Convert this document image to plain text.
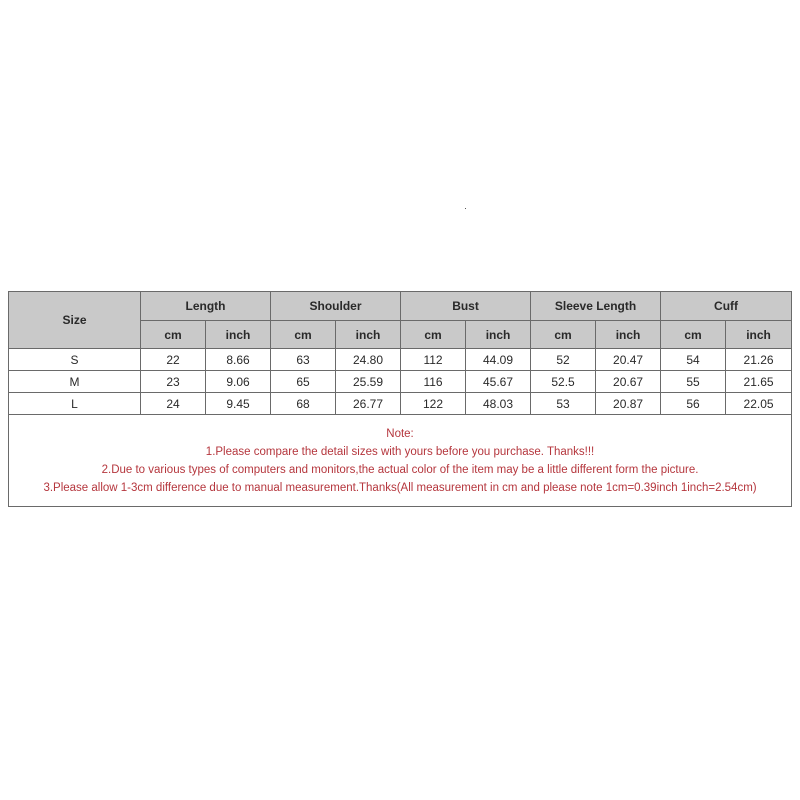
Size	Length		Shoulder		Bust		Sleeve Length		Cuff	
	cm	inch	cm	inch	cm	inch	cm	inch	cm	inch
S	22	8.66	63	24.80	112	44.09	52	20.47	54	21.26
M	23	9.06	65	25.59	116	45.67	52.5	20.67	55	21.65
L	24	9.45	68	26.77	122	48.03	53	20.87	56	22.05

Note:
1.Please compare the detail sizes with yours before you purchase. Thanks!!!
2.Due to various types of computers and monitors,the actual color of the item may be a little different form the picture.
3.Please allow 1-3cm difference due to manual measurement.Thanks(All measurement in cm and please note 1cm=0.39inch 1inch=2.54cm)										
